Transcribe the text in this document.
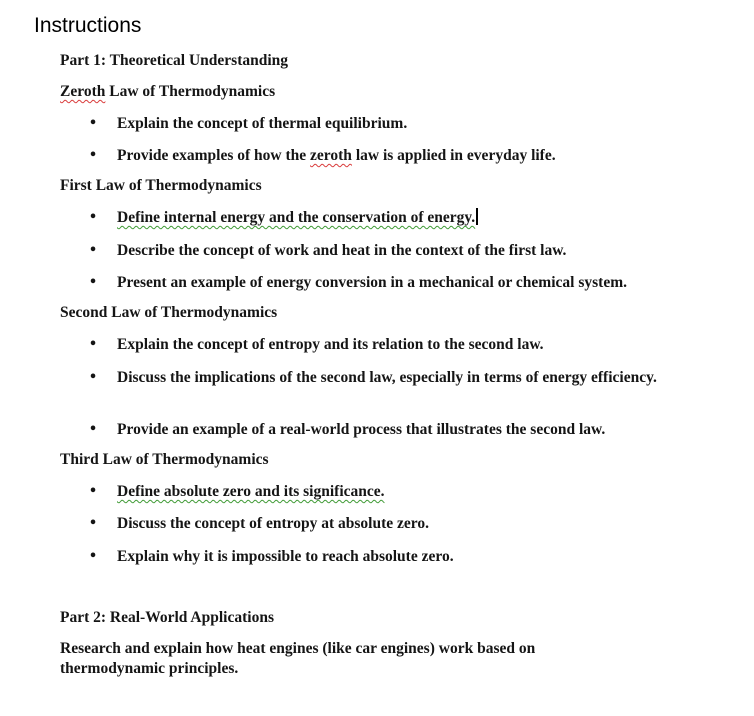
Instructions
Part 1: Theoretical Understanding
Zeroth Law of Thermodynamics
• Explain the concept of thermal equilibrium.
• Provide examples of how the zeroth law is applied in everyday life.
First Law of Thermodynamics
• Define internal energy and the conservation of energy.
• Describe the concept of work and heat in the context of the first law.
• Present an example of energy conversion in a mechanical or chemical system.
Second Law of Thermodynamics
• Explain the concept of entropy and its relation to the second law.
•	Discuss the implications of the second law, especially in terms of energy efficiency.
• Provide an example of a real-world process that illustrates the second law.
Third Law of Thermodynamics
• Define absolute zero and its significance.
• Discuss the concept of entropy at absolute zero.
• Explain why it is impossible to reach absolute zero.
Part 2: Real-World Applications
Research and explain how heat engines (like car engines) work based on thermodynamic principles.
